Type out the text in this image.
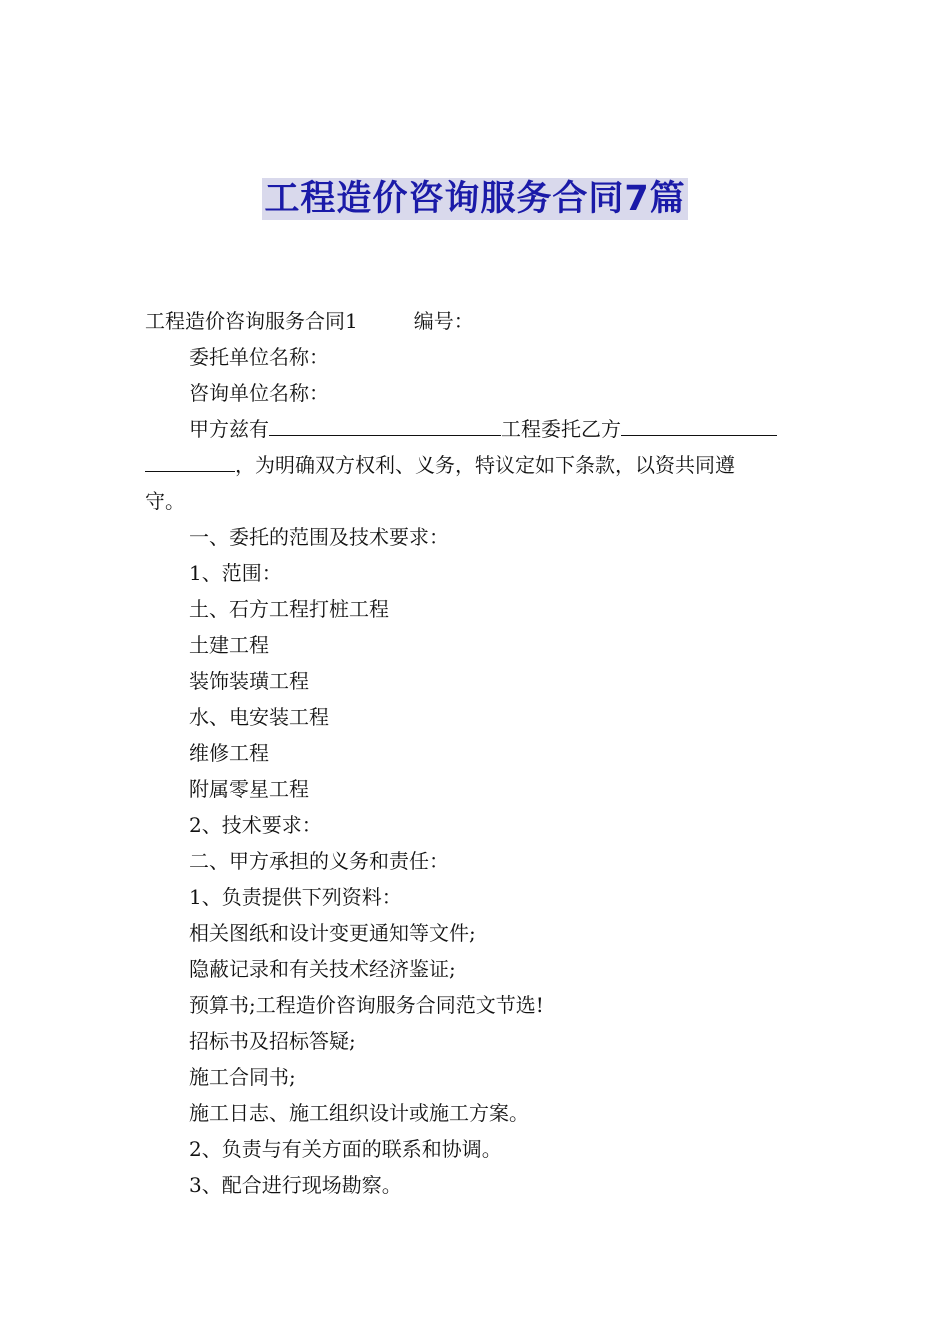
工程造价咨询服务合同7篇
工程造价咨询服务合同1	编号：
委托单位名称：
咨询单位名称：
甲方兹有	工程委托乙方
，为明确双方权利、义务，特议定如下条款，以资共同遵
守。
一、委托的范围及技术要求：
1、范围：
土、石方工程打桩工程
土建工程
装饰装璜工程
水、电安装工程
维修工程
附属零星工程
2、技术要求：
二、甲方承担的义务和责任：
1、负责提供下列资料：
相关图纸和设计变更通知等文件;
隐蔽记录和有关技术经济鉴证;
预算书;工程造价咨询服务合同范文节选!
招标书及招标答疑;
施工合同书;
施工日志、施工组织设计或施工方案。
2、负责与有关方面的联系和协调。
3、配合进行现场勘察。
